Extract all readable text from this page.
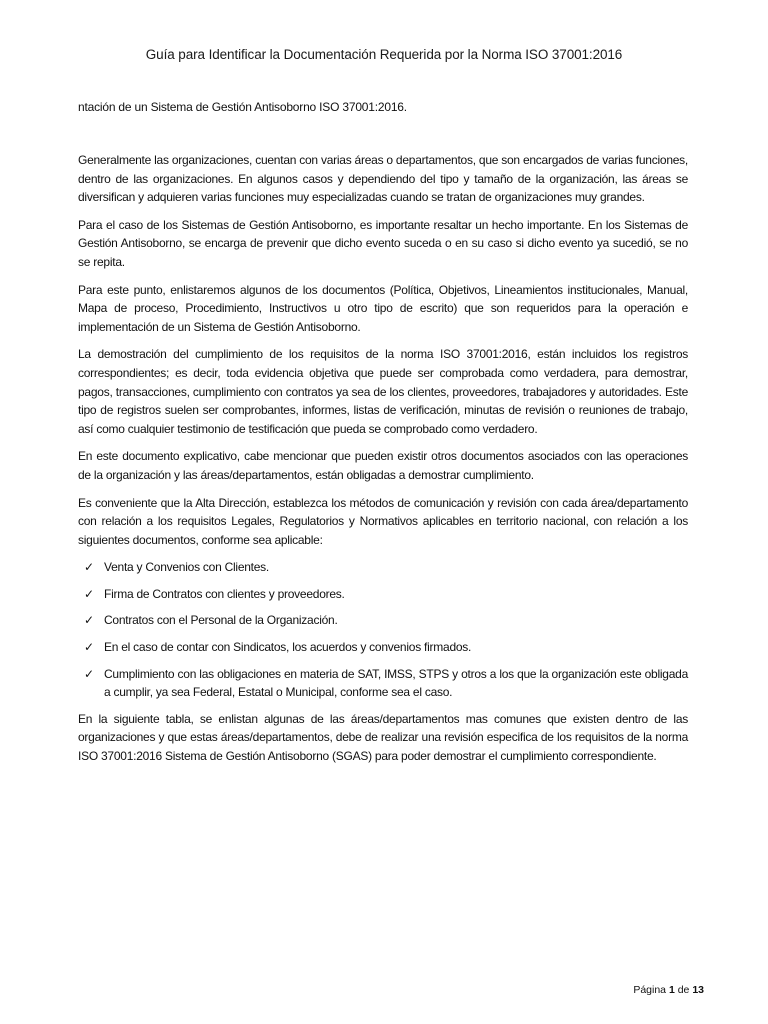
Guía para Identificar la Documentación Requerida por la Norma ISO 37001:2016
ntación de un Sistema de Gestión Antisoborno ISO 37001:2016.

Generalmente las organizaciones, cuentan con varias áreas o departamentos, que son encargados de varias funciones, dentro de las organizaciones. En algunos casos y dependiendo del tipo y tamaño de la organización, las áreas se diversifican y adquieren varias funciones muy especializadas cuando se tratan de organizaciones muy grandes.

Para el caso de los Sistemas de Gestión Antisoborno, es importante resaltar un hecho importante. En los Sistemas de Gestión Antisoborno, se encarga de prevenir que dicho evento suceda o en su caso si dicho evento ya sucedió, se no se repita.

Para este punto, enlistaremos algunos de los documentos (Política, Objetivos, Lineamientos institucionales, Manual, Mapa de proceso, Procedimiento, Instructivos u otro tipo de escrito) que son requeridos para la operación e implementación de un Sistema de Gestión Antisoborno.

La demostración del cumplimiento de los requisitos de la norma ISO 37001:2016, están incluidos los registros correspondientes; es decir, toda evidencia objetiva que puede ser comprobada como verdadera, para demostrar, pagos, transacciones, cumplimiento con contratos ya sea de los clientes, proveedores, trabajadores y autoridades. Este tipo de registros suelen ser comprobantes, informes, listas de verificación, minutas de revisión o reuniones de trabajo, así como cualquier testimonio de testificación que pueda se comprobado como verdadero.

En este documento explicativo, cabe mencionar que pueden existir otros documentos asociados con las operaciones de la organización y las áreas/departamentos, están obligadas a demostrar cumplimiento.

Es conveniente que la Alta Dirección, establezca los métodos de comunicación y revisión con cada área/departamento con relación a los requisitos Legales, Regulatorios y Normativos aplicables en territorio nacional, con relación a los siguientes documentos, conforme sea aplicable:

✓ Venta y Convenios con Clientes.
✓ Firma de Contratos con clientes y proveedores.
✓ Contratos con el Personal de la Organización.
✓ En el caso de contar con Sindicatos, los acuerdos y convenios firmados.
✓ Cumplimiento con las obligaciones en materia de SAT, IMSS, STPS y otros a los que la organización este obligada a cumplir, ya sea Federal, Estatal o Municipal, conforme sea el caso.

En la siguiente tabla, se enlistan algunas de las áreas/departamentos mas comunes que existen dentro de las organizaciones y que estas áreas/departamentos, debe de realizar una revisión especifica de los requisitos de la norma ISO 37001:2016 Sistema de Gestión Antisoborno (SGAS) para poder demostrar el cumplimiento correspondiente.

Página 1 de 13
